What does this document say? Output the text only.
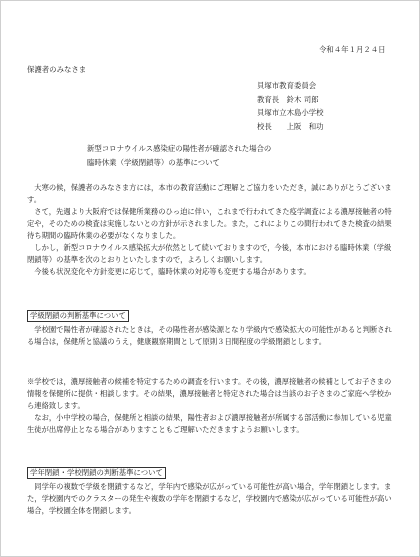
令和４年１月２４日
保護者のみなさま
貝塚市教育委員会
教育長　鈴木 司郎
貝塚市立木島小学校
校長　　上阪　和功
新型コロナウイルス感染症の陽性者が確認された場合の
臨時休業（学級閉鎖等）の基準について

　大寒の候，保護者のみなさま方には，本市の教育活動にご理解とご協力をいただき，誠にありがとうございます。

　さて，先週より大阪府では保健所業務のひっ迫に伴い，これまで行われてきた疫学調査による濃厚接触者の特定や，そのための検査は実施しないとの方針が示されました。また，これによりこの間行われてきた検査の結果待ち期間の臨時休業の必要がなくなりました。

　しかし，新型コロナウイルス感染拡大が依然として続いておりますので，今後，本市における臨時休業（学級閉鎖等）の基準を次のとおりといたしますので，よろしくお願いします。

　今後も状況変化や方針変更に応じて，臨時休業の対応等も変更する場合があります。

学級閉鎖の判断基準について

　学校園で陽性者が確認されたときは，その陽性者が感染源となり学級内で感染拡大の可能性があると判断される場合は，保健所と協議のうえ，健康観察期間として原則３日間程度の学級閉鎖とします。

※学校では，濃厚接触者の候補を特定するための調査を行います。その後，濃厚接触者の候補としてお子さまの情報を保健所に提供・相談します。その結果，濃厚接触者と特定された場合は当該のお子さまのご家庭へ学校から連絡致します。

　なお，小中学校の場合，保健所と相談の結果，陽性者および濃厚接触者が所属する部活動に参加している児童生徒が出席停止となる場合がありますこともご理解いただきますようお願いします。

学年閉鎖・学校閉鎖の判断基準について

　同学年の複数で学級を閉鎖するなど，学年内で感染が広がっている可能性が高い場合，学年閉鎖とします。また，学校園内でのクラスターの発生や複数の学年を閉鎖するなど，学校園内で感染が広がっている可能性が高い場合，学校園全体を閉鎖します。
